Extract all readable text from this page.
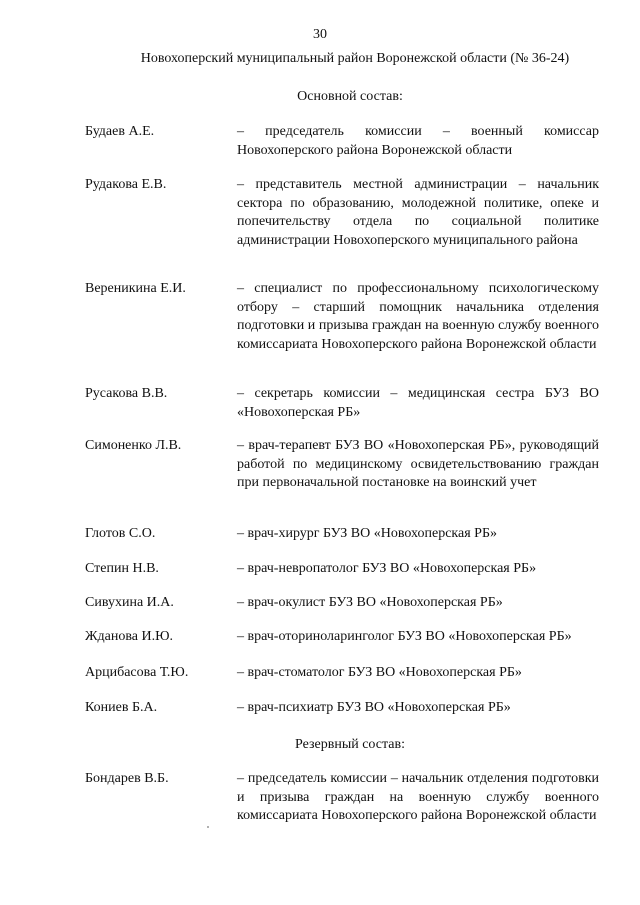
30
Новохоперский муниципальный район Воронежской области (№ 36-24)
Основной состав:
Будаев А.Е.	– председатель комиссии – военный комиссар Новохоперского района Воронежской области
Рудакова Е.В.	– представитель местной администрации – начальник сектора по образованию, молодежной политике, опеке и попечительству отдела по социальной политике администрации Новохоперского муниципального района
Вереникина Е.И.	– специалист по профессиональному психологическому отбору – старший помощник начальника отделения подготовки и призыва граждан на военную службу военного комиссариата Новохоперского района Воронежской области
Русакова В.В.	– секретарь комиссии – медицинская сестра БУЗ ВО «Новохоперская РБ»
Симоненко Л.В.	– врач-терапевт БУЗ ВО «Новохоперская РБ», руководящий работой по медицинскому освидетельствованию граждан при первоначальной постановке на воинский учет
Глотов С.О.	– врач-хирург БУЗ ВО «Новохоперская РБ»
Степин Н.В.	– врач-невропатолог БУЗ ВО «Новохоперская РБ»
Сивухина И.А.	– врач-окулист БУЗ ВО «Новохоперская РБ»
Жданова И.Ю.	– врач-оториноларинголог БУЗ ВО «Новохоперская РБ»
Арцибасова Т.Ю.	– врач-стоматолог БУЗ ВО «Новохоперская РБ»
Кониев Б.А.	– врач-психиатр БУЗ ВО «Новохоперская РБ»
Резервный состав:
Бондарев В.Б.	– председатель комиссии – начальник отделения подготовки и призыва граждан на военную службу военного комиссариата Новохоперского района Воронежской области
